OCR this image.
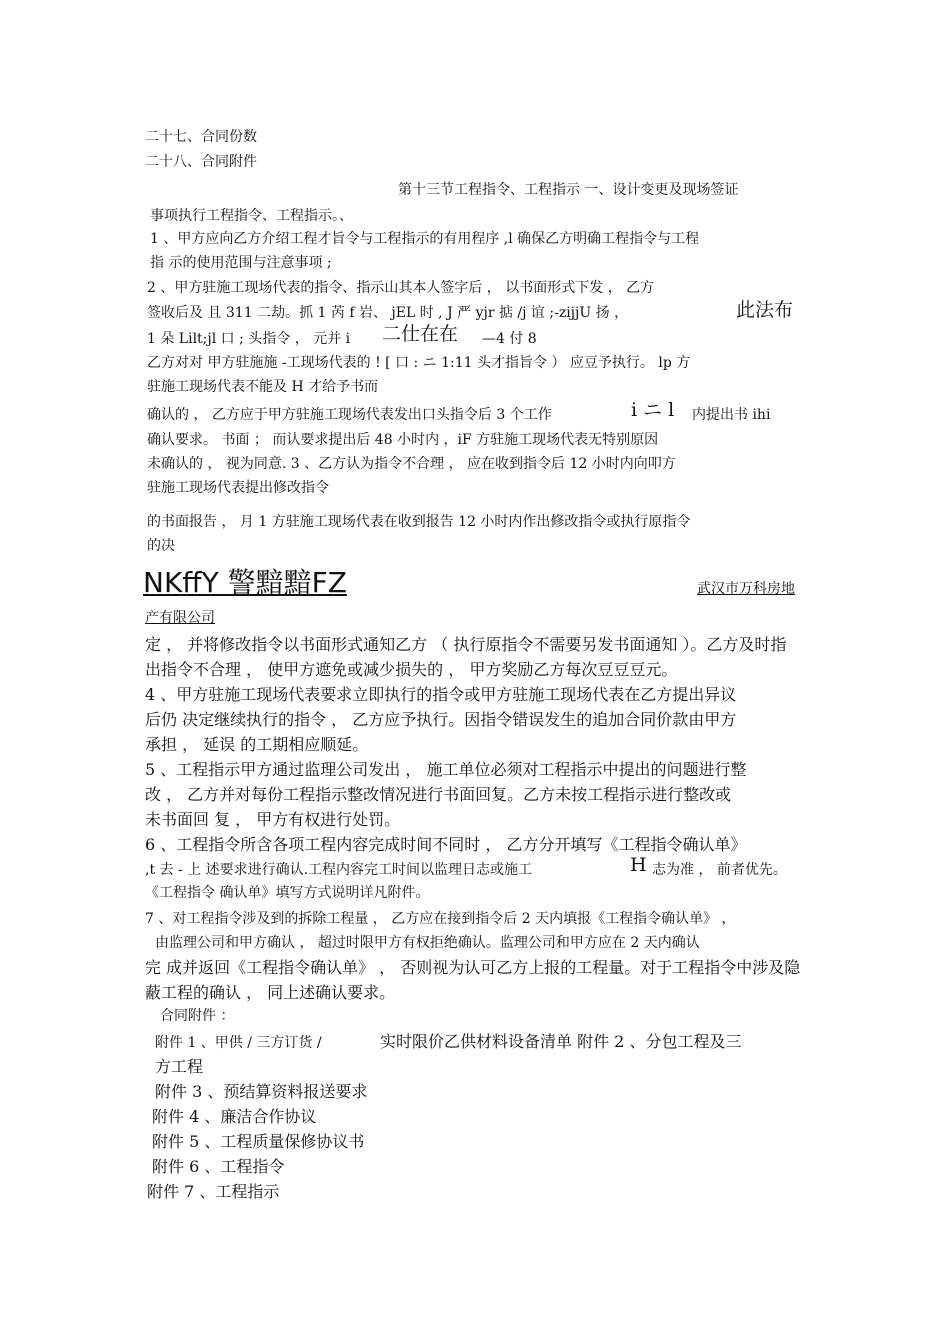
二十七、合同份数
二十八、合同附件
第十三节工程指令、工程指示 一、设计变更及现场签证
事项执行工程指令、工程指示。、
1 、甲方应向乙方介绍工程才旨令与工程指示的有用程序 ,l 确保乙方明确工程指令与工程
指 示的使用范围与注意事项 ;
2 、甲方驻施工现场代表的指令、指示山其本人签字后 ， 以书面形式下发 ， 乙方
签收后及 且 311 二劫。抓 1 芮 f 岩、 jEL 时 , J 严 yjr 掂 /j 谊 ;-zijjU 扬 ，	此法布
1 朵 Lilt;jl 口 ; 头指令 ， 元并 i 二仕在在 —4 付 8
乙方对对 甲方驻施施 -工现场代表的 ! [ 口 : ニ 1:11 头才指旨令 ） 应豆予执行。 lp 方
驻施工现场代表不能及 H 才给予书而
确认的 ， 乙方应于甲方驻施工现场代表发出口头指令后 3 个工作	i ニ l 内提出书 ihi
确认要求。 书面 ； 而认要求提出后 48 小时内 ，iF 方驻施工现场代表无特别原因
未确认的 ， 视为同意. 3 、乙方认为指令不合理 ， 应在收到指令后 12 小时内向叩方
驻施工现场代表提出修改指令
的书面报告 ， 月 1 方驻施工现场代表在收到报告 12 小时内作出修改指令或执行原指令
的决
NKffY 警黯黯FZ	武汉市万科房地
产有限公司
定 ， 并将修改指令以书面形式通知乙方 （ 执行原指令不需要另发书面通知 ）。乙方及时指
出指令不合理 ， 使甲方遮免或减少损失的 ， 甲方奖励乙方每次豆豆豆元。
4 、甲方驻施工现场代表要求立即执行的指令或甲方驻施工现场代表在乙方提出异议
后仍 决定继续执行的指令 ， 乙方应予执行。因指令错误发生的追加合同价款由甲方
承担 ， 延误 的工期相应顺延。
5 、工程指示甲方通过监理公司发出 ， 施工单位必须对工程指示中提出的问题进行整
改 ， 乙方并对每份工程指示整改情况进行书面回复。乙方未按工程指示进行整改或
未书面回 复 ， 甲方有权进行处罚。
6 、工程指令所含各项工程内容完成时间不同时 ， 乙方分开填写《工程指令确认单》
,t 去 - 上 述要求进行确认.工程内容完工时间以监理日志或施工	H 志为准 ， 前者优先。
《工程指令 确认单》填写方式说明详凡附件。
7 、对工程指令涉及到的拆除工程量 ， 乙方应在接到指令后 2 天内填报《工程指令确认单》 ，
由监理公司和甲方确认 ， 超过时限甲方有权拒绝确认。监理公司和甲方应在 2 天内确认
完 成并返回《工程指令确认单》 ， 否则视为认可乙方上报的工程量。对于工程指令中涉及隐
蔽工程的确认 ， 同上述确认要求。
合同附件 ：
附件 1 、甲供 / 三方订货 /	实时限价乙供材料设备清单 附件 2 、分包工程及三
方工程
附件 3 、预结算资料报送要求
附件 4 、廉洁合作协议
附件 5 、工程质量保修协议书
附件 6 、工程指令
附件 7 、工程指示
